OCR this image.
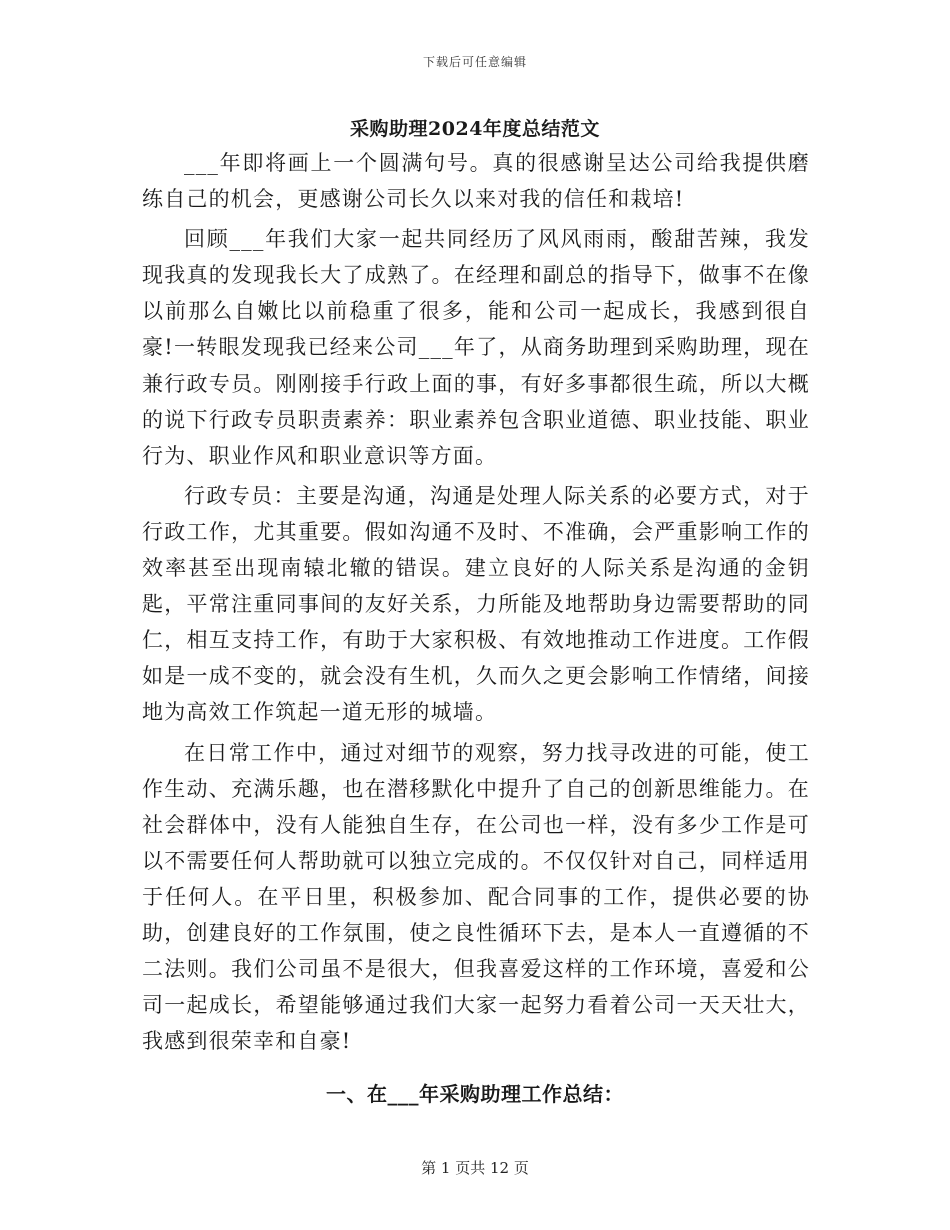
下载后可任意编辑
采购助理2024年度总结范文

___年即将画上一个圆满句号。真的很感谢呈达公司给我提供磨练自己的机会，更感谢公司长久以来对我的信任和栽培!

回顾___年我们大家一起共同经历了风风雨雨，酸甜苦辣，我发现我真的发现我长大了成熟了。在经理和副总的指导下，做事不在像以前那么自嫩比以前稳重了很多，能和公司一起成长，我感到很自豪!一转眼发现我已经来公司___年了，从商务助理到采购助理，现在兼行政专员。刚刚接手行政上面的事，有好多事都很生疏，所以大概的说下行政专员职责素养：职业素养包含职业道德、职业技能、职业行为、职业作风和职业意识等方面。

行政专员：主要是沟通，沟通是处理人际关系的必要方式，对于行政工作，尤其重要。假如沟通不及时、不准确，会严重影响工作的效率甚至出现南辕北辙的错误。建立良好的人际关系是沟通的金钥匙，平常注重同事间的友好关系，力所能及地帮助身边需要帮助的同仁，相互支持工作，有助于大家积极、有效地推动工作进度。工作假如是一成不变的，就会没有生机，久而久之更会影响工作情绪，间接地为高效工作筑起一道无形的城墙。

在日常工作中，通过对细节的观察，努力找寻改进的可能，使工作生动、充满乐趣，也在潜移默化中提升了自己的创新思维能力。在社会群体中，没有人能独自生存，在公司也一样，没有多少工作是可以不需要任何人帮助就可以独立完成的。不仅仅针对自己，同样适用于任何人。在平日里，积极参加、配合同事的工作，提供必要的协助，创建良好的工作氛围，使之良性循环下去，是本人一直遵循的不二法则。我们公司虽不是很大，但我喜爱这样的工作环境，喜爱和公司一起成长，希望能够通过我们大家一起努力看着公司一天天壮大，我感到很荣幸和自豪!

一、在___年采购助理工作总结：
第 1 页共 12 页
